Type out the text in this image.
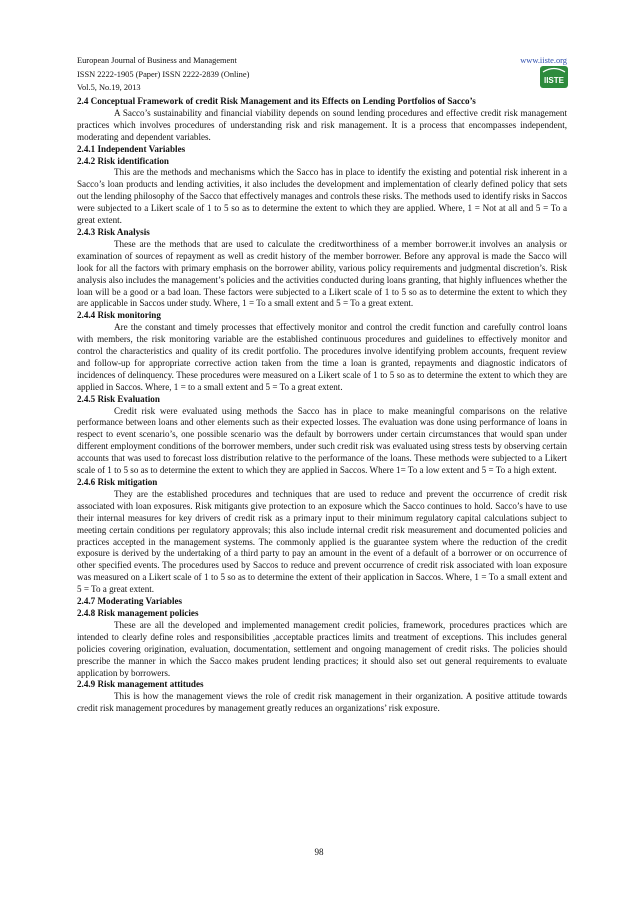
European Journal of Business and Management
ISSN 2222-1905 (Paper) ISSN 2222-2839 (Online)
Vol.5, No.19, 2013
www.iiste.org
IISTE

2.4 Conceptual Framework of credit Risk Management and its Effects on Lending Portfolios of Sacco’s

A Sacco’s sustainability and financial viability depends on sound lending procedures and effective credit risk management practices which involves procedures of understanding risk and risk management. It is a process that encompasses independent, moderating and dependent variables.

2.4.1 Independent Variables

2.4.2 Risk identification

This are the methods and mechanisms which the Sacco has in place to identify the existing and potential risk inherent in a Sacco’s loan products and lending activities, it also includes the development and implementation of clearly defined policy that sets out the lending philosophy of the Sacco that effectively manages and controls these risks. The methods used to identify risks in Saccos were subjected to a Likert scale of 1 to 5 so as to determine the extent to which they are applied. Where, 1 = Not at all and 5 = To a great extent.

2.4.3 Risk Analysis

These are the methods that are used to calculate the creditworthiness of a member borrower.it involves an analysis or examination of sources of repayment as well as credit history of the member borrower. Before any approval is made the Sacco will look for all the factors with primary emphasis on the borrower ability, various policy requirements and judgmental discretion’s. Risk analysis also includes the management’s policies and the activities conducted during loans granting, that highly influences whether the loan will be a good or a bad loan. These factors were subjected to a Likert scale of 1 to 5 so as to determine the extent to which they are applicable in Saccos under study. Where, 1 = To a small extent and 5 = To a great extent.

2.4.4 Risk monitoring

Are the constant and timely processes that effectively monitor and control the credit function and carefully control loans with members, the risk monitoring variable are the established continuous procedures and guidelines to effectively monitor and control the characteristics and quality of its credit portfolio. The procedures involve identifying problem accounts, frequent review and follow-up for appropriate corrective action taken from the time a loan is granted, repayments and diagnostic indicators of incidences of delinquency. These procedures were measured on a Likert scale of 1 to 5 so as to determine the extent to which they are applied in Saccos. Where, 1 = to a small extent and 5 = To a great extent.

2.4.5 Risk Evaluation

Credit risk were evaluated using methods the Sacco has in place to make meaningful comparisons on the relative performance between loans and other elements such as their expected losses. The evaluation was done using performance of loans in respect to event scenario’s, one possible scenario was the default by borrowers under certain circumstances that would span under different employment conditions of the borrower members, under such credit risk was evaluated using stress tests by observing certain accounts that was used to forecast loss distribution relative to the performance of the loans. These methods were subjected to a Likert scale of 1 to 5 so as to determine the extent to which they are applied in Saccos. Where 1= To a low extent and 5 = To a high extent.

2.4.6 Risk mitigation

They are the established procedures and techniques that are used to reduce and prevent the occurrence of credit risk associated with loan exposures. Risk mitigants give protection to an exposure which the Sacco continues to hold. Sacco’s have to use their internal measures for key drivers of credit risk as a primary input to their minimum regulatory capital calculations subject to meeting certain conditions per regulatory approvals; this also include internal credit risk measurement and documented policies and practices accepted in the management systems. The commonly applied is the guarantee system where the reduction of the credit exposure is derived by the undertaking of a third party to pay an amount in the event of a default of a borrower or on occurrence of other specified events. The procedures used by Saccos to reduce and prevent occurrence of credit risk associated with loan exposure was measured on a Likert scale of 1 to 5 so as to determine the extent of their application in Saccos. Where, 1 = To a small extent and 5 = To a great extent.

2.4.7 Moderating Variables

2.4.8 Risk management policies

These are all the developed and implemented management credit policies, framework, procedures practices which are intended to clearly define roles and responsibilities ,acceptable practices limits and treatment of exceptions. This includes general policies covering origination, evaluation, documentation, settlement and ongoing management of credit risks. The policies should prescribe the manner in which the Sacco makes prudent lending practices; it should also set out general requirements to evaluate application by borrowers.

2.4.9 Risk management attitudes

This is how the management views the role of credit risk management in their organization. A positive attitude towards credit risk management procedures by management greatly reduces an organizations’ risk exposure.

98
